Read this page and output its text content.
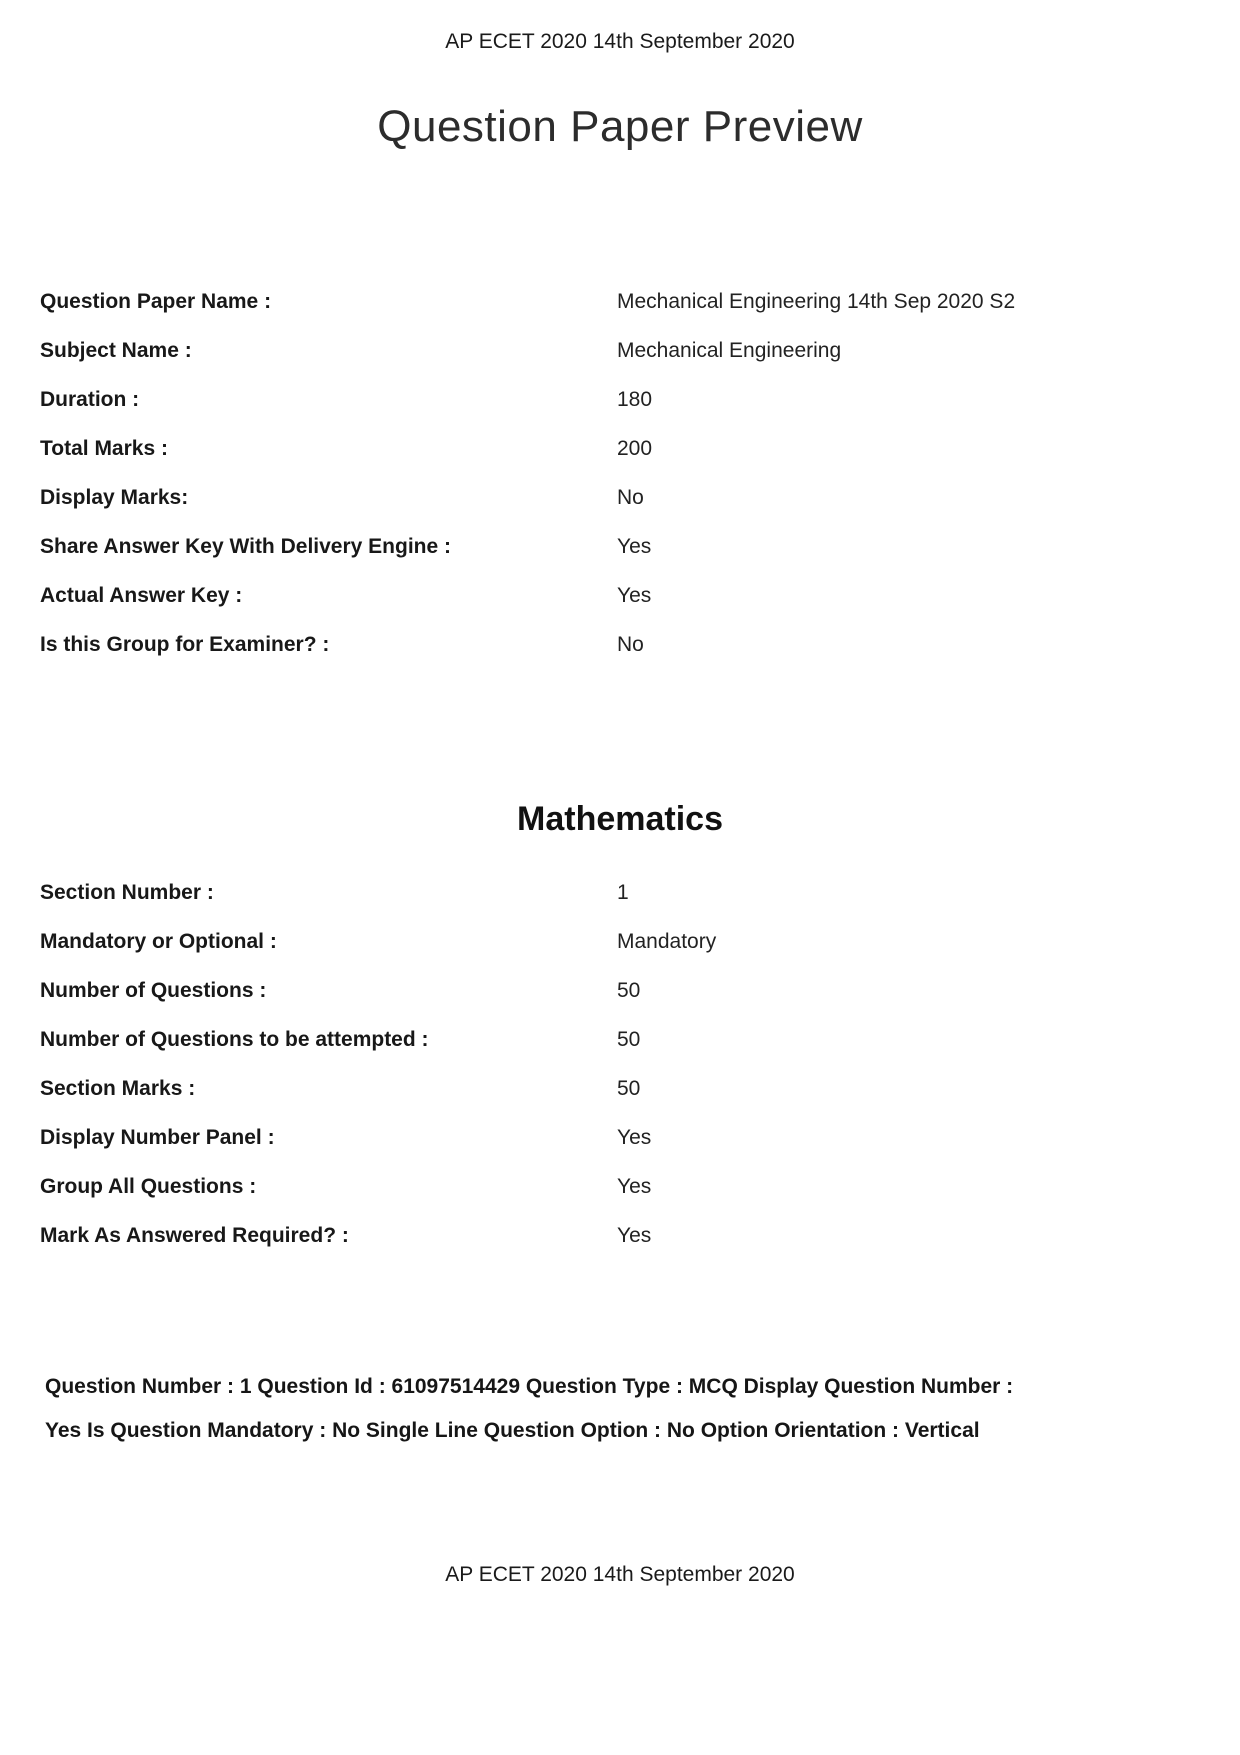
AP ECET 2020 14th September 2020
Question Paper Preview
Question Paper Name :	Mechanical Engineering 14th Sep 2020 S2
Subject Name :	Mechanical Engineering
Duration :	180
Total Marks :	200
Display Marks:	No
Share Answer Key With Delivery Engine :	Yes
Actual Answer Key :	Yes
Is this Group for Examiner? :	No
Mathematics
Section Number :	1
Mandatory or Optional :	Mandatory
Number of Questions :	50
Number of Questions to be attempted :	50
Section Marks :	50
Display Number Panel :	Yes
Group All Questions :	Yes
Mark As Answered Required? :	Yes
Question Number : 1 Question Id : 61097514429 Question Type : MCQ Display Question Number : Yes Is Question Mandatory : No Single Line Question Option : No Option Orientation : Vertical
AP ECET 2020 14th September 2020
